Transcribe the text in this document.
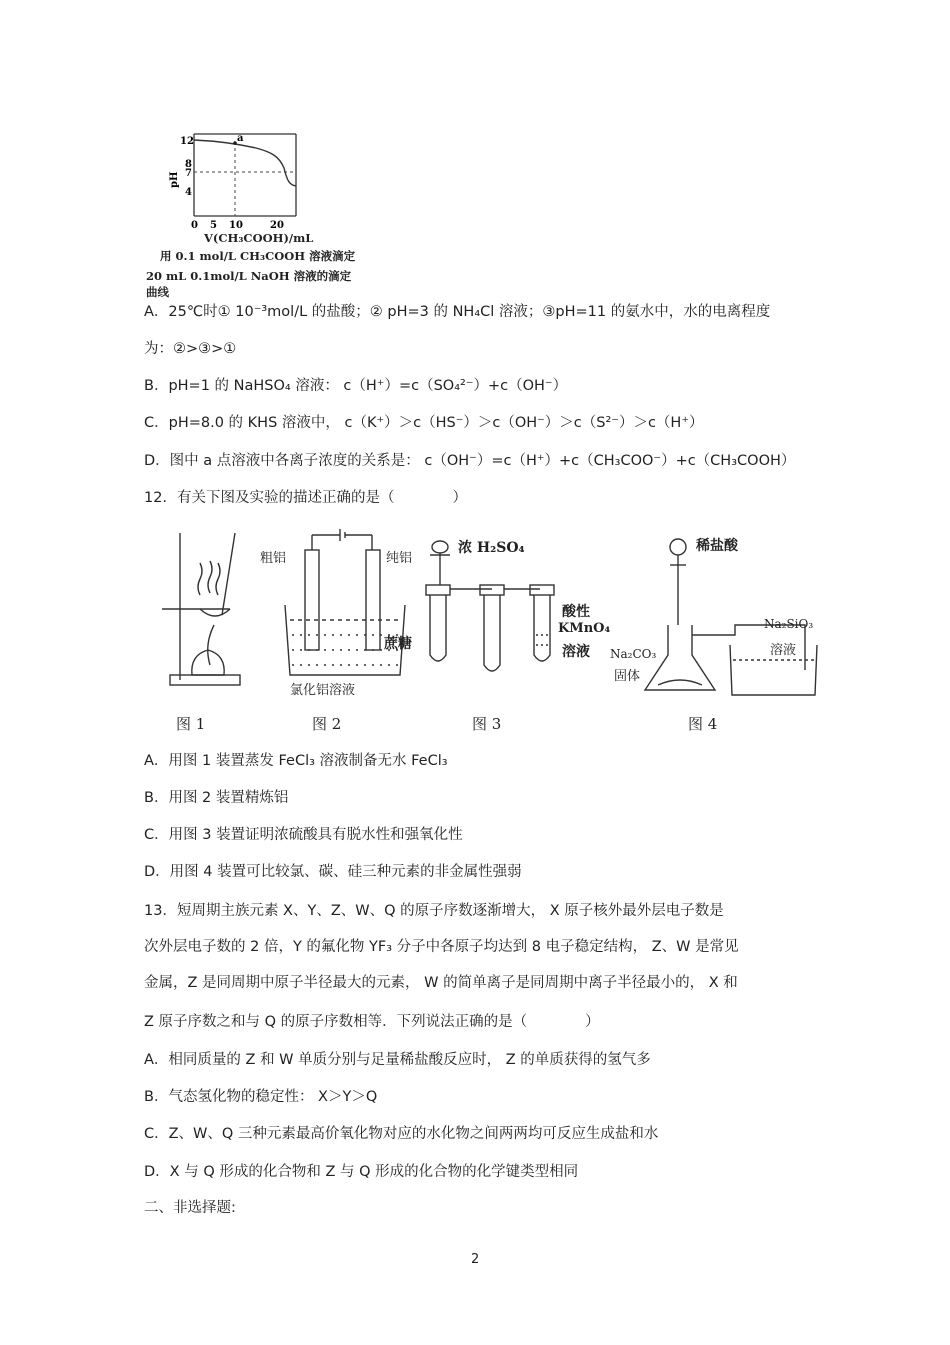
a
12
8
7
4
pH
0 5 10	20
V(CH₃COOH)/mL
用 0.1 mol/L CH₃COOH 溶液滴定
20 mL 0.1mol/L NaOH 溶液的滴定曲线
A．25℃时① 10⁻³mol/L 的盐酸；② pH=3 的 NH₄Cl 溶液；③pH=11 的氨水中，水的电离程度
为：②>③>①
B．pH=1 的 NaHSO₄ 溶液： c（H⁺）=c（SO₄²⁻）+c（OH⁻）
C．pH=8.0 的 KHS 溶液中， c（K⁺）＞c（HS⁻）＞c（OH⁻）＞c（S²⁻）＞c（H⁺）
D．图中 a 点溶液中各离子浓度的关系是： c（OH⁻）=c（H⁺）+c（CH₃COO⁻）+c（CH₃COOH）
12．有关下图及实验的描述正确的是（　　　　）
粗铝	纯铝
氯化铝溶液
浓 H₂SO₄
蔗糖
酸性
KMnO₄
溶液
稀盐酸
Na₂CO₃
固体
Na₂SiO₃
溶液
图 1	图 2	图 3	图 4
A．用图 1 装置蒸发 FeCl₃ 溶液制备无水 FeCl₃
B．用图 2 装置精炼铝
C．用图 3 装置证明浓硫酸具有脱水性和强氧化性
D．用图 4 装置可比较氯、碳、硅三种元素的非金属性强弱
13．短周期主族元素 X、Y、Z、W、Q 的原子序数逐渐增大， X 原子核外最外层电子数是
次外层电子数的 2 倍，Y 的氟化物 YF₃ 分子中各原子均达到 8 电子稳定结构， Z、W 是常见
金属，Z 是同周期中原子半径最大的元素， W 的简单离子是同周期中离子半径最小的， X 和
Z 原子序数之和与 Q 的原子序数相等．下列说法正确的是（　　　　）
A．相同质量的 Z 和 W 单质分别与足量稀盐酸反应时， Z 的单质获得的氢气多
B．气态氢化物的稳定性： X＞Y＞Q
C．Z、W、Q 三种元素最高价氧化物对应的水化物之间两两均可反应生成盐和水
D．X 与 Q 形成的化合物和 Z 与 Q 形成的化合物的化学键类型相同
二、非选择题:
2
